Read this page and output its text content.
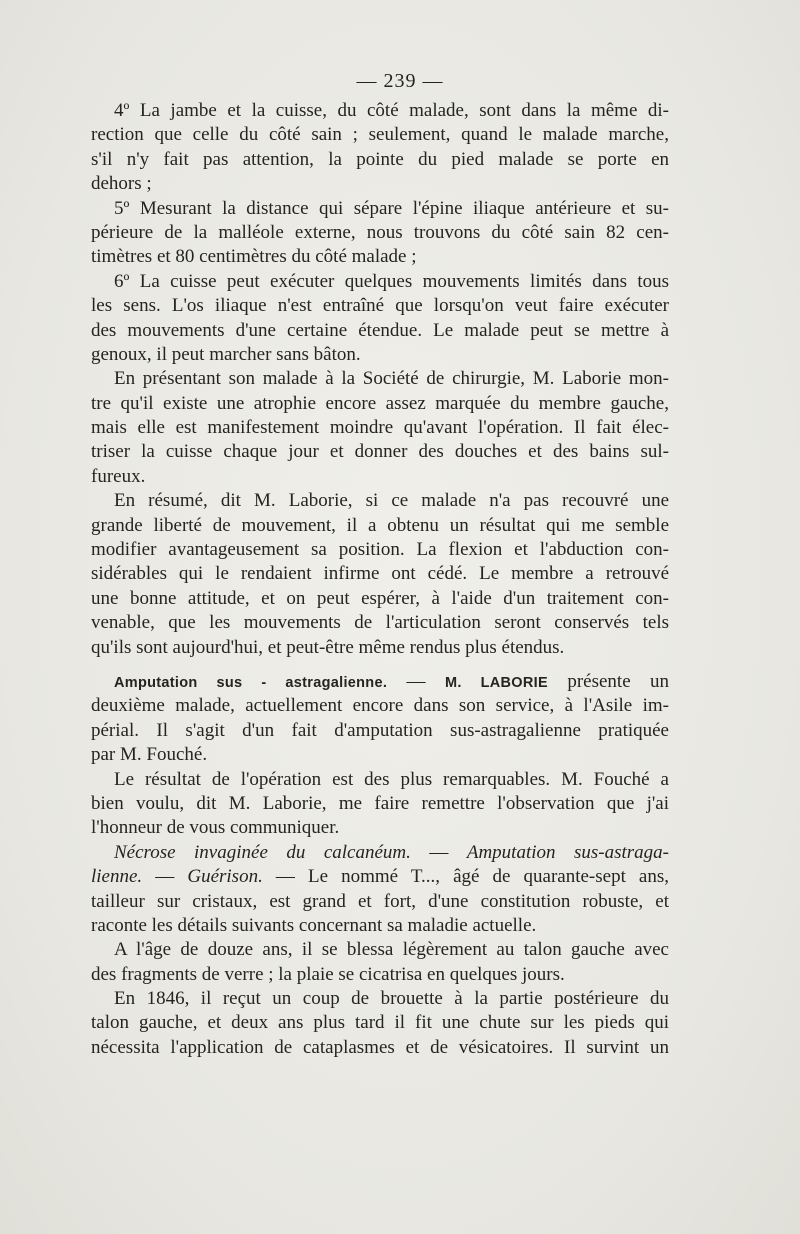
— 239 —
4º La jambe et la cuisse, du côté malade, sont dans la même di-
rection que celle du côté sain ; seulement, quand le malade marche,
s'il n'y fait pas attention, la pointe du pied malade se porte en
dehors ;
5º Mesurant la distance qui sépare l'épine iliaque antérieure et su-
périeure de la malléole externe, nous trouvons du côté sain 82 cen-
timètres et 80 centimètres du côté malade ;
6º La cuisse peut exécuter quelques mouvements limités dans tous
les sens. L'os iliaque n'est entraîné que lorsqu'on veut faire exécuter
des mouvements d'une certaine étendue. Le malade peut se mettre à
genoux, il peut marcher sans bâton.
En présentant son malade à la Société de chirurgie, M. Laborie mon-
tre qu'il existe une atrophie encore assez marquée du membre gauche,
mais elle est manifestement moindre qu'avant l'opération. Il fait élec-
triser la cuisse chaque jour et donner des douches et des bains sul-
fureux.
En résumé, dit M. Laborie, si ce malade n'a pas recouvré une
grande liberté de mouvement, il a obtenu un résultat qui me semble
modifier avantageusement sa position. La flexion et l'abduction con-
sidérables qui le rendaient infirme ont cédé. Le membre a retrouvé
une bonne attitude, et on peut espérer, à l'aide d'un traitement con-
venable, que les mouvements de l'articulation seront conservés tels
qu'ils sont aujourd'hui, et peut-être même rendus plus étendus.
Amputation sus - astragalienne. — M. LABORIE présente un
deuxième malade, actuellement encore dans son service, à l'Asile im-
périal. Il s'agit d'un fait d'amputation sus-astragalienne pratiquée
par M. Fouché.
Le résultat de l'opération est des plus remarquables. M. Fouché a
bien voulu, dit M. Laborie, me faire remettre l'observation que j'ai
l'honneur de vous communiquer.
Nécrose invaginée du calcanéum. — Amputation sus-astraga-
lienne. — Guérison. — Le nommé T..., âgé de quarante-sept ans,
tailleur sur cristaux, est grand et fort, d'une constitution robuste, et
raconte les détails suivants concernant sa maladie actuelle.
A l'âge de douze ans, il se blessa légèrement au talon gauche avec
des fragments de verre ; la plaie se cicatrisa en quelques jours.
En 1846, il reçut un coup de brouette à la partie postérieure du
talon gauche, et deux ans plus tard il fit une chute sur les pieds qui
nécessita l'application de cataplasmes et de vésicatoires. Il survint un
